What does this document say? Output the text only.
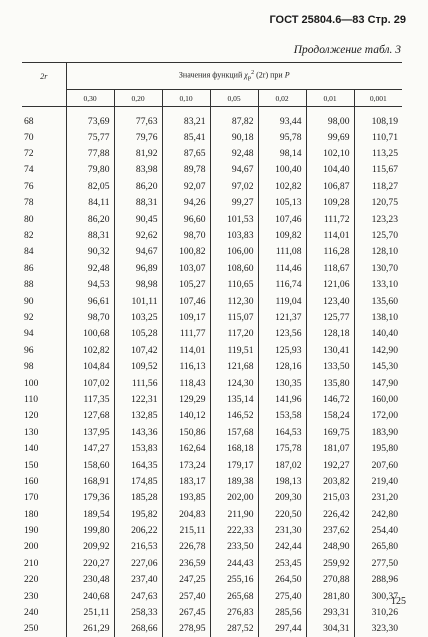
ГОСТ 25804.6—83 Стр. 29
Продолжение табл. 3
2r	Значения функций $\chi_P^2$ (2r) при P						
	0,30	0,20	0,10	0,05	0,02	0,01	0,001
68	73,69	77,63	83,21	87,82	93,44	98,00	108,19
70	75,77	79,76	85,41	90,18	95,78	99,69	110,71
72	77,88	81,92	87,65	92,48	98,14	102,10	113,25
74	79,80	83,98	89,78	94,67	100,40	104,40	115,67
76	82,05	86,20	92,07	97,02	102,82	106,87	118,27
78	84,11	88,31	94,26	99,27	105,13	109,28	120,75
80	86,20	90,45	96,60	101,53	107,46	111,72	123,23
82	88,31	92,62	98,70	103,83	109,82	114,01	125,70
84	90,32	94,67	100,82	106,00	111,08	116,28	128,10
86	92,48	96,89	103,07	108,60	114,46	118,67	130,70
88	94,53	98,98	105,27	110,65	116,74	121,06	133,10
90	96,61	101,11	107,46	112,30	119,04	123,40	135,60
92	98,70	103,25	109,17	115,07	121,37	125,77	138,10
94	100,68	105,28	111,77	117,20	123,56	128,18	140,40
96	102,82	107,42	114,01	119,51	125,93	130,41	142,90
98	104,84	109,52	116,13	121,68	128,16	133,50	145,30
100	107,02	111,56	118,43	124,30	130,35	135,80	147,90
110	117,35	122,31	129,29	135,14	141,96	146,72	160,00
120	127,68	132,85	140,12	146,52	153,58	158,24	172,00
130	137,95	143,36	150,86	157,68	164,53	169,75	183,90
140	147,27	153,83	162,64	168,18	175,78	181,07	195,80
150	158,60	164,35	173,24	179,17	187,02	192,27	207,60
160	168,91	174,85	183,17	189,38	198,13	203,82	219,40
170	179,36	185,28	193,85	202,00	209,30	215,03	231,20
180	189,54	195,82	204,83	211,90	220,50	226,42	242,80
190	199,80	206,22	215,11	222,33	231,30	237,62	254,40
200	209,92	216,53	226,78	233,50	242,44	248,90	265,80
210	220,27	227,06	236,59	244,43	253,45	259,92	277,50
220	230,48	237,40	247,25	255,16	264,50	270,88	288,96
230	240,68	247,63	257,40	265,68	275,40	281,80	300,37
240	251,11	258,33	267,45	276,83	285,56	293,31	310,26
250	261,29	268,66	278,95	287,52	297,44	304,31	323,30
125
